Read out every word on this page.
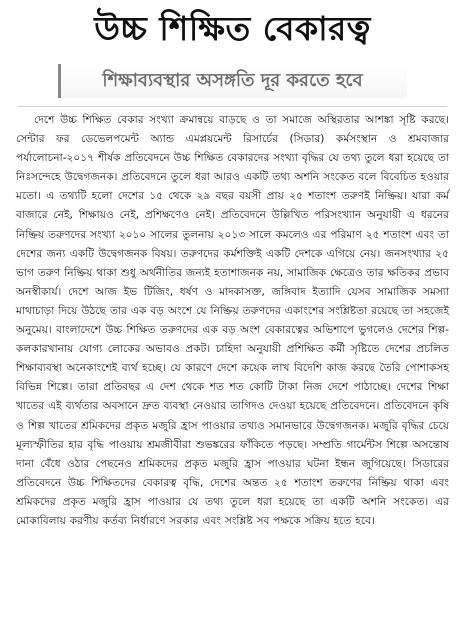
উচ্চ শিক্ষিত বেকারত্ব
শিক্ষাব্যবস্থার অসঙ্গতি দূর করতে হবে

দেশে উচ্চ শিক্ষিত বেকার সংখ্যা ক্রমান্বয়ে বাড়ছে ও তা সমাজে অস্থিরতার আশঙ্কা সৃষ্টি করছে। সেন্টার ফর ডেভেলপমেন্ট অ্যান্ড এমপ্লয়মেন্ট রিসার্চের (সিডার) কর্মসংস্থান ও শ্রমবাজার পর্যালোচনা-২০১৭ শীর্ষক প্রতিবেদনে উচ্চ শিক্ষিত বেকারদের সংখ্যা বৃদ্ধির যে তথ্য তুলে ধরা হয়েছে তা নিঃসন্দেহে উদ্বেগজনক। প্রতিবেদনে তুলে ধরা আরও একটি তথ্য অশনি সংকেত বলে বিবেচিত হওয়ার মতো। এ তথ্যটি হলো দেশের ১৫ থেকে ২৯ বছর বয়সী প্রায় ২৫ শতাংশ তরুণই নিষ্ক্রিয়। যারা কর্ম বাজারে নেই, শিক্ষায়ও নেই, প্রশিক্ষণেও নেই। প্রতিবেদনে উল্লিখিত পরিসংখ্যান অনুযায়ী এ ধরনের নিষ্ক্রিয় তরুণদের সংখ্যা ২০১০ সালের তুলনায় ২০১৩ সালে কমলেও এর পরিমাণ ২৫ শতাংশ এবং তা দেশের জন্য একটি উদ্বেগজনক বিষয়। তরুণদের কর্মশক্তিই একটি দেশকে এগিয়ে নেয়। জনসংখ্যার ২৫ ভাগ তরুণ নিষ্ক্রিয় থাকা শুধু অর্থনীতির জন্যই হতাশাজনক নয়, সামাজিক ক্ষেত্রেও তার ক্ষতিকর প্রভাব অনস্বীকার্য। দেশে আজ ইভ টিজিং, ধর্ষণ ও মাদকাসক্ত, জঙ্গিবাদ ইত্যাদি যেসব সামাজিক সমস্যা মাথাচাড়া দিয়ে উঠছে তার এক বড় অংশে যে নিষ্ক্রিয় তরুণদের একাংশের সংশ্লিষ্টতা রয়েছে তা সহজেই অনুমেয়। বাংলাদেশে উচ্চ শিক্ষিত তরুণদের এক বড় অংশ বেকারত্বের অভিশাপে ভুগলেও দেশের শিল্প-কলকারখানায় যোগ্য লোকের অভাবও প্রকট। চাহিদা অনুযায়ী প্রশিক্ষিত কর্মী সৃষ্টিতে দেশের প্রচলিত শিক্ষাব্যবস্থা অনেকাংশেই ব্যর্থ হচ্ছে। যে কারণে দেশে কয়েক লাখ বিদেশি কাজ করছে তৈরি পোশাকসহ বিভিন্ন শিল্পে। তারা প্রতিবছর এ দেশ থেকে শত শত কোটি টাকা নিজ দেশে পাঠাচ্ছে। দেশের শিক্ষা খাতের এই ব্যর্থতার অবসানে দ্রুত ব্যবস্থা নেওয়ার তাগিদও দেওয়া হয়েছে প্রতিবেদনে। প্রতিবেদনে কৃষি ও শিল্প খাতের শ্রমিকদের প্রকৃত মজুরি হ্রাস পাওয়ার তথ্যও সমানভাবে উদ্বেগজনক। মজুরি বৃদ্ধির চেয়ে মূল্যস্ফীতির হার বৃদ্ধি পাওয়ায় শ্রমজীবীরা শুভঙ্করের ফাঁকিতে পড়ছে। সম্প্রতি গার্মেন্টস শিল্পে অসন্তোষ দানা বেঁধে ওঠার পেছনেও শ্রমিকদের প্রকৃত মজুরি হ্রাস পাওয়ার ঘটনা ইন্ধন জুগিয়েছে। সিডারের প্রতিবেদনে উচ্চ শিক্ষিতদের বেকারত্ব বৃদ্ধি, দেশের অন্তত ২৫ শতাংশ তরুণের নিষ্ক্রিয় থাকা এবং শ্রমিকদের প্রকৃত মজুরি হ্রাস পাওয়ার যে তথ্য তুলে ধরা হয়েছে তা একটি অশনি সংকেত। এর মোকাবিলায় করণীয় কর্তব্য নির্ধারণে সরকার এবং সংশ্লিষ্ট সব পক্ষকে সক্রিয় হতে হবে।
